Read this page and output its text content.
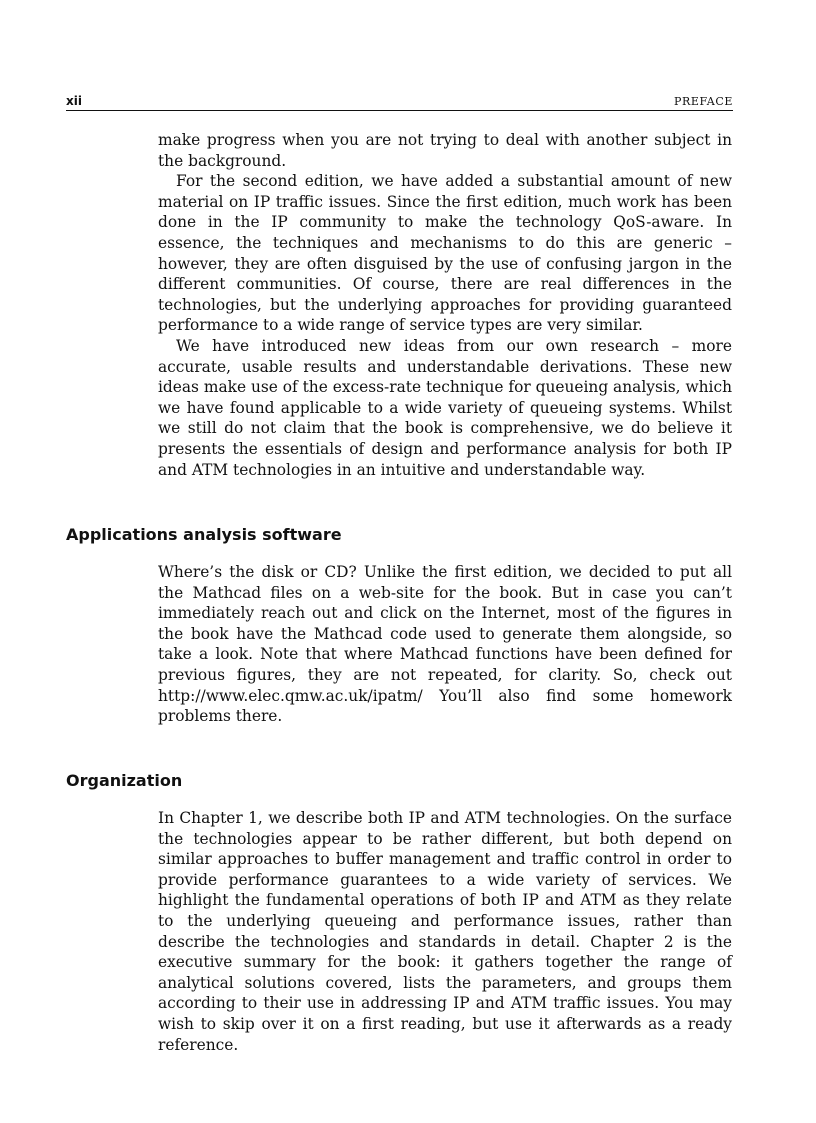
xii	PREFACE

make progress when you are not trying to deal with another subject in the background.

For the second edition, we have added a substantial amount of new material on IP traffic issues. Since the first edition, much work has been done in the IP community to make the technology QoS-aware. In essence, the techniques and mechanisms to do this are generic – however, they are often disguised by the use of confusing jargon in the different communities. Of course, there are real differences in the technologies, but the underlying approaches for providing guaranteed performance to a wide range of service types are very similar.

We have introduced new ideas from our own research – more accurate, usable results and understandable derivations. These new ideas make use of the excess-rate technique for queueing analysis, which we have found applicable to a wide variety of queueing systems. Whilst we still do not claim that the book is comprehensive, we do believe it presents the essentials of design and performance analysis for both IP and ATM technologies in an intuitive and understandable way.

Applications analysis software

Where’s the disk or CD? Unlike the first edition, we decided to put all the Mathcad files on a web-site for the book. But in case you can’t immediately reach out and click on the Internet, most of the figures in the book have the Mathcad code used to generate them alongside, so take a look. Note that where Mathcad functions have been defined for previous figures, they are not repeated, for clarity. So, check out http://www.elec.qmw.ac.uk/ipatm/ You’ll also find some homework problems there.

Organization

In Chapter 1, we describe both IP and ATM technologies. On the surface the technologies appear to be rather different, but both depend on similar approaches to buffer management and traffic control in order to provide performance guarantees to a wide variety of services. We highlight the fundamental operations of both IP and ATM as they relate to the underlying queueing and performance issues, rather than describe the technologies and standards in detail. Chapter 2 is the executive summary for the book: it gathers together the range of analytical solutions covered, lists the parameters, and groups them according to their use in addressing IP and ATM traffic issues. You may wish to skip over it on a first reading, but use it afterwards as a ready reference.
